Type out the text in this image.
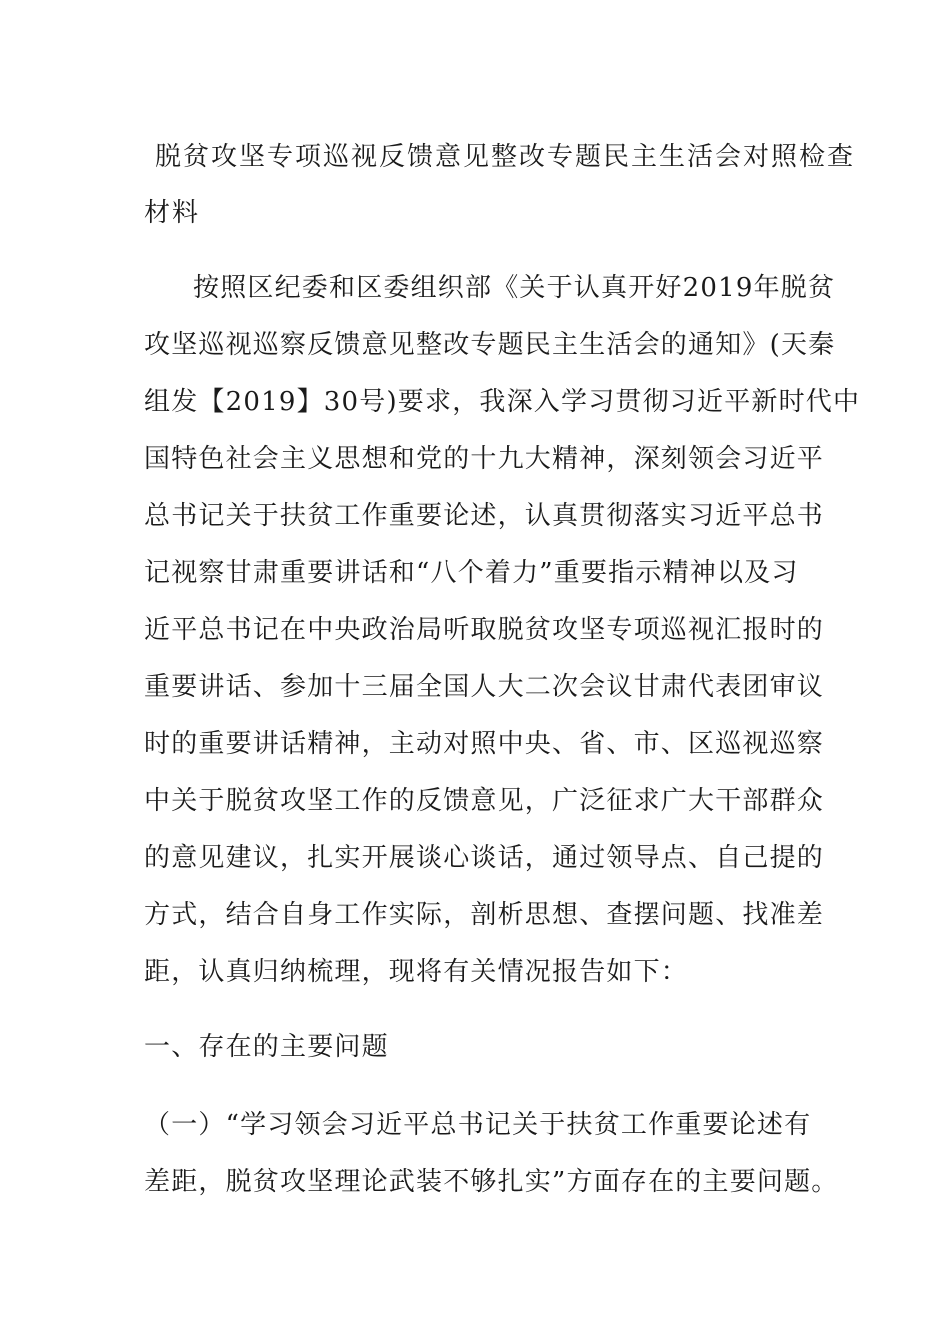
脱贫攻坚专项巡视反馈意见整改专题民主生活会对照检查
材料
按照区纪委和区委组织部《关于认真开好2019年脱贫
攻坚巡视巡察反馈意见整改专题民主生活会的通知》(天秦
组发【2019】30号)要求，我深入学习贯彻习近平新时代中
国特色社会主义思想和党的十九大精神，深刻领会习近平
总书记关于扶贫工作重要论述，认真贯彻落实习近平总书
记视察甘肃重要讲话和“八个着力”重要指示精神以及习
近平总书记在中央政治局听取脱贫攻坚专项巡视汇报时的
重要讲话、参加十三届全国人大二次会议甘肃代表团审议
时的重要讲话精神，主动对照中央、省、市、区巡视巡察
中关于脱贫攻坚工作的反馈意见，广泛征求广大干部群众
的意见建议，扎实开展谈心谈话，通过领导点、自己提的
方式，结合自身工作实际，剖析思想、查摆问题、找准差
距，认真归纳梳理，现将有关情况报告如下：
一、存在的主要问题
（一）“学习领会习近平总书记关于扶贫工作重要论述有
差距，脱贫攻坚理论武装不够扎实”方面存在的主要问题。
